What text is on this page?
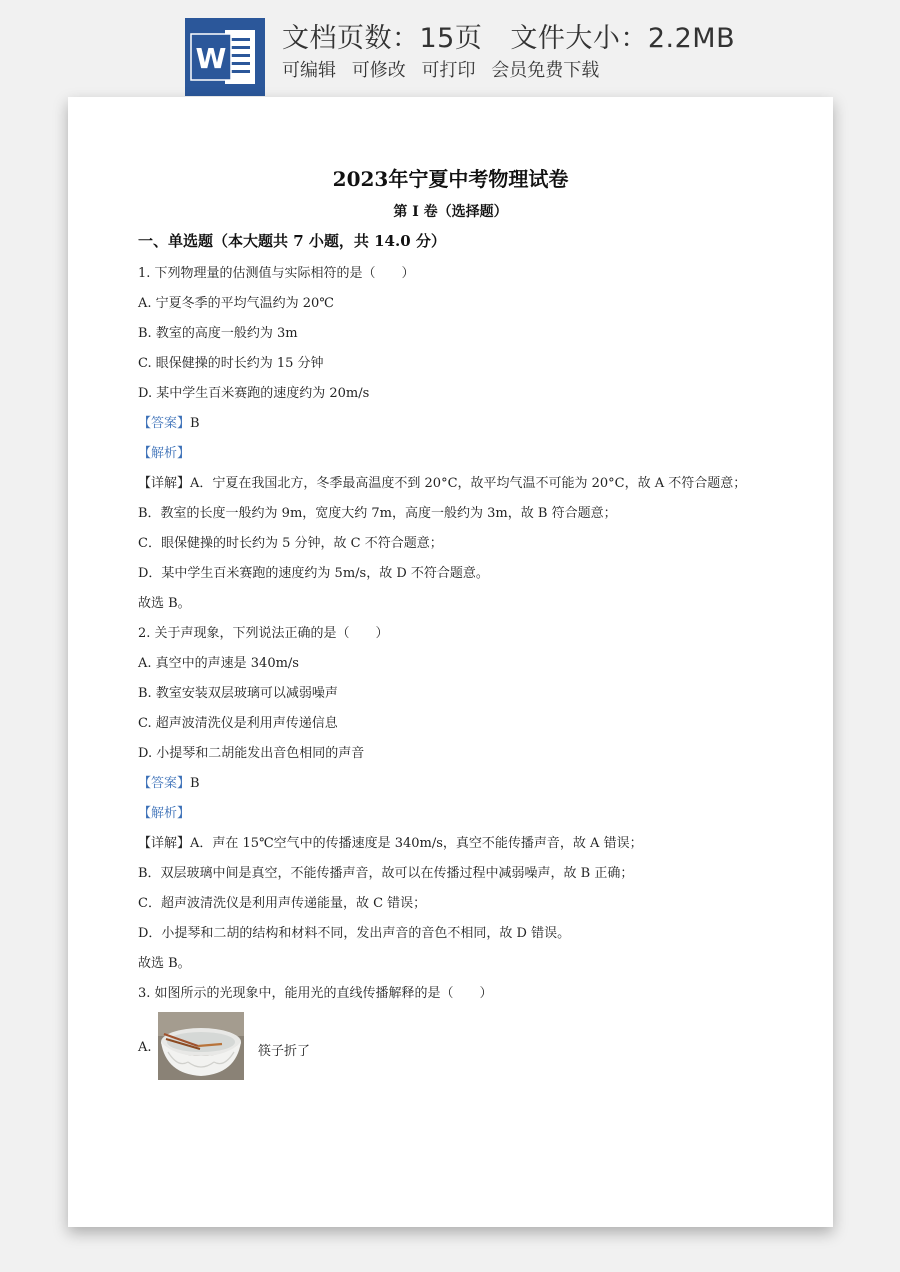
W
文档页数：15页 文件大小：2.2MB
可编辑 可修改 可打印 会员免费下载
2023年宁夏中考物理试卷
第 I 卷（选择题）
一、单选题（本大题共 7 小题，共 14.0 分）
1. 下列物理量的估测值与实际相符的是（　　）
A. 宁夏冬季的平均气温约为 20℃
B. 教室的高度一般约为 3m
C. 眼保健操的时长约为 15 分钟
D. 某中学生百米赛跑的速度约为 20m/s
【答案】B
【解析】
【详解】A．宁夏在我国北方，冬季最高温度不到 20°C，故平均气温不可能为 20°C，故 A 不符合题意；
B．教室的长度一般约为 9m，宽度大约 7m，高度一般约为 3m，故 B 符合题意；
C．眼保健操的时长约为 5 分钟，故 C 不符合题意；
D．某中学生百米赛跑的速度约为 5m/s，故 D 不符合题意。
故选 B。
2. 关于声现象，下列说法正确的是（　　）
A. 真空中的声速是 340m/s
B. 教室安装双层玻璃可以减弱噪声
C. 超声波清洗仪是利用声传递信息
D. 小提琴和二胡能发出音色相同的声音
【答案】B
【解析】
【详解】A．声在 15℃空气中的传播速度是 340m/s，真空不能传播声音，故 A 错误；
B．双层玻璃中间是真空，不能传播声音，故可以在传播过程中减弱噪声，故 B 正确；
C．超声波清洗仪是利用声传递能量，故 C 错误；
D．小提琴和二胡的结构和材料不同，发出声音的音色不相同，故 D 错误。
故选 B。
3. 如图所示的光现象中，能用光的直线传播解释的是（　　）
A.	筷子折了
